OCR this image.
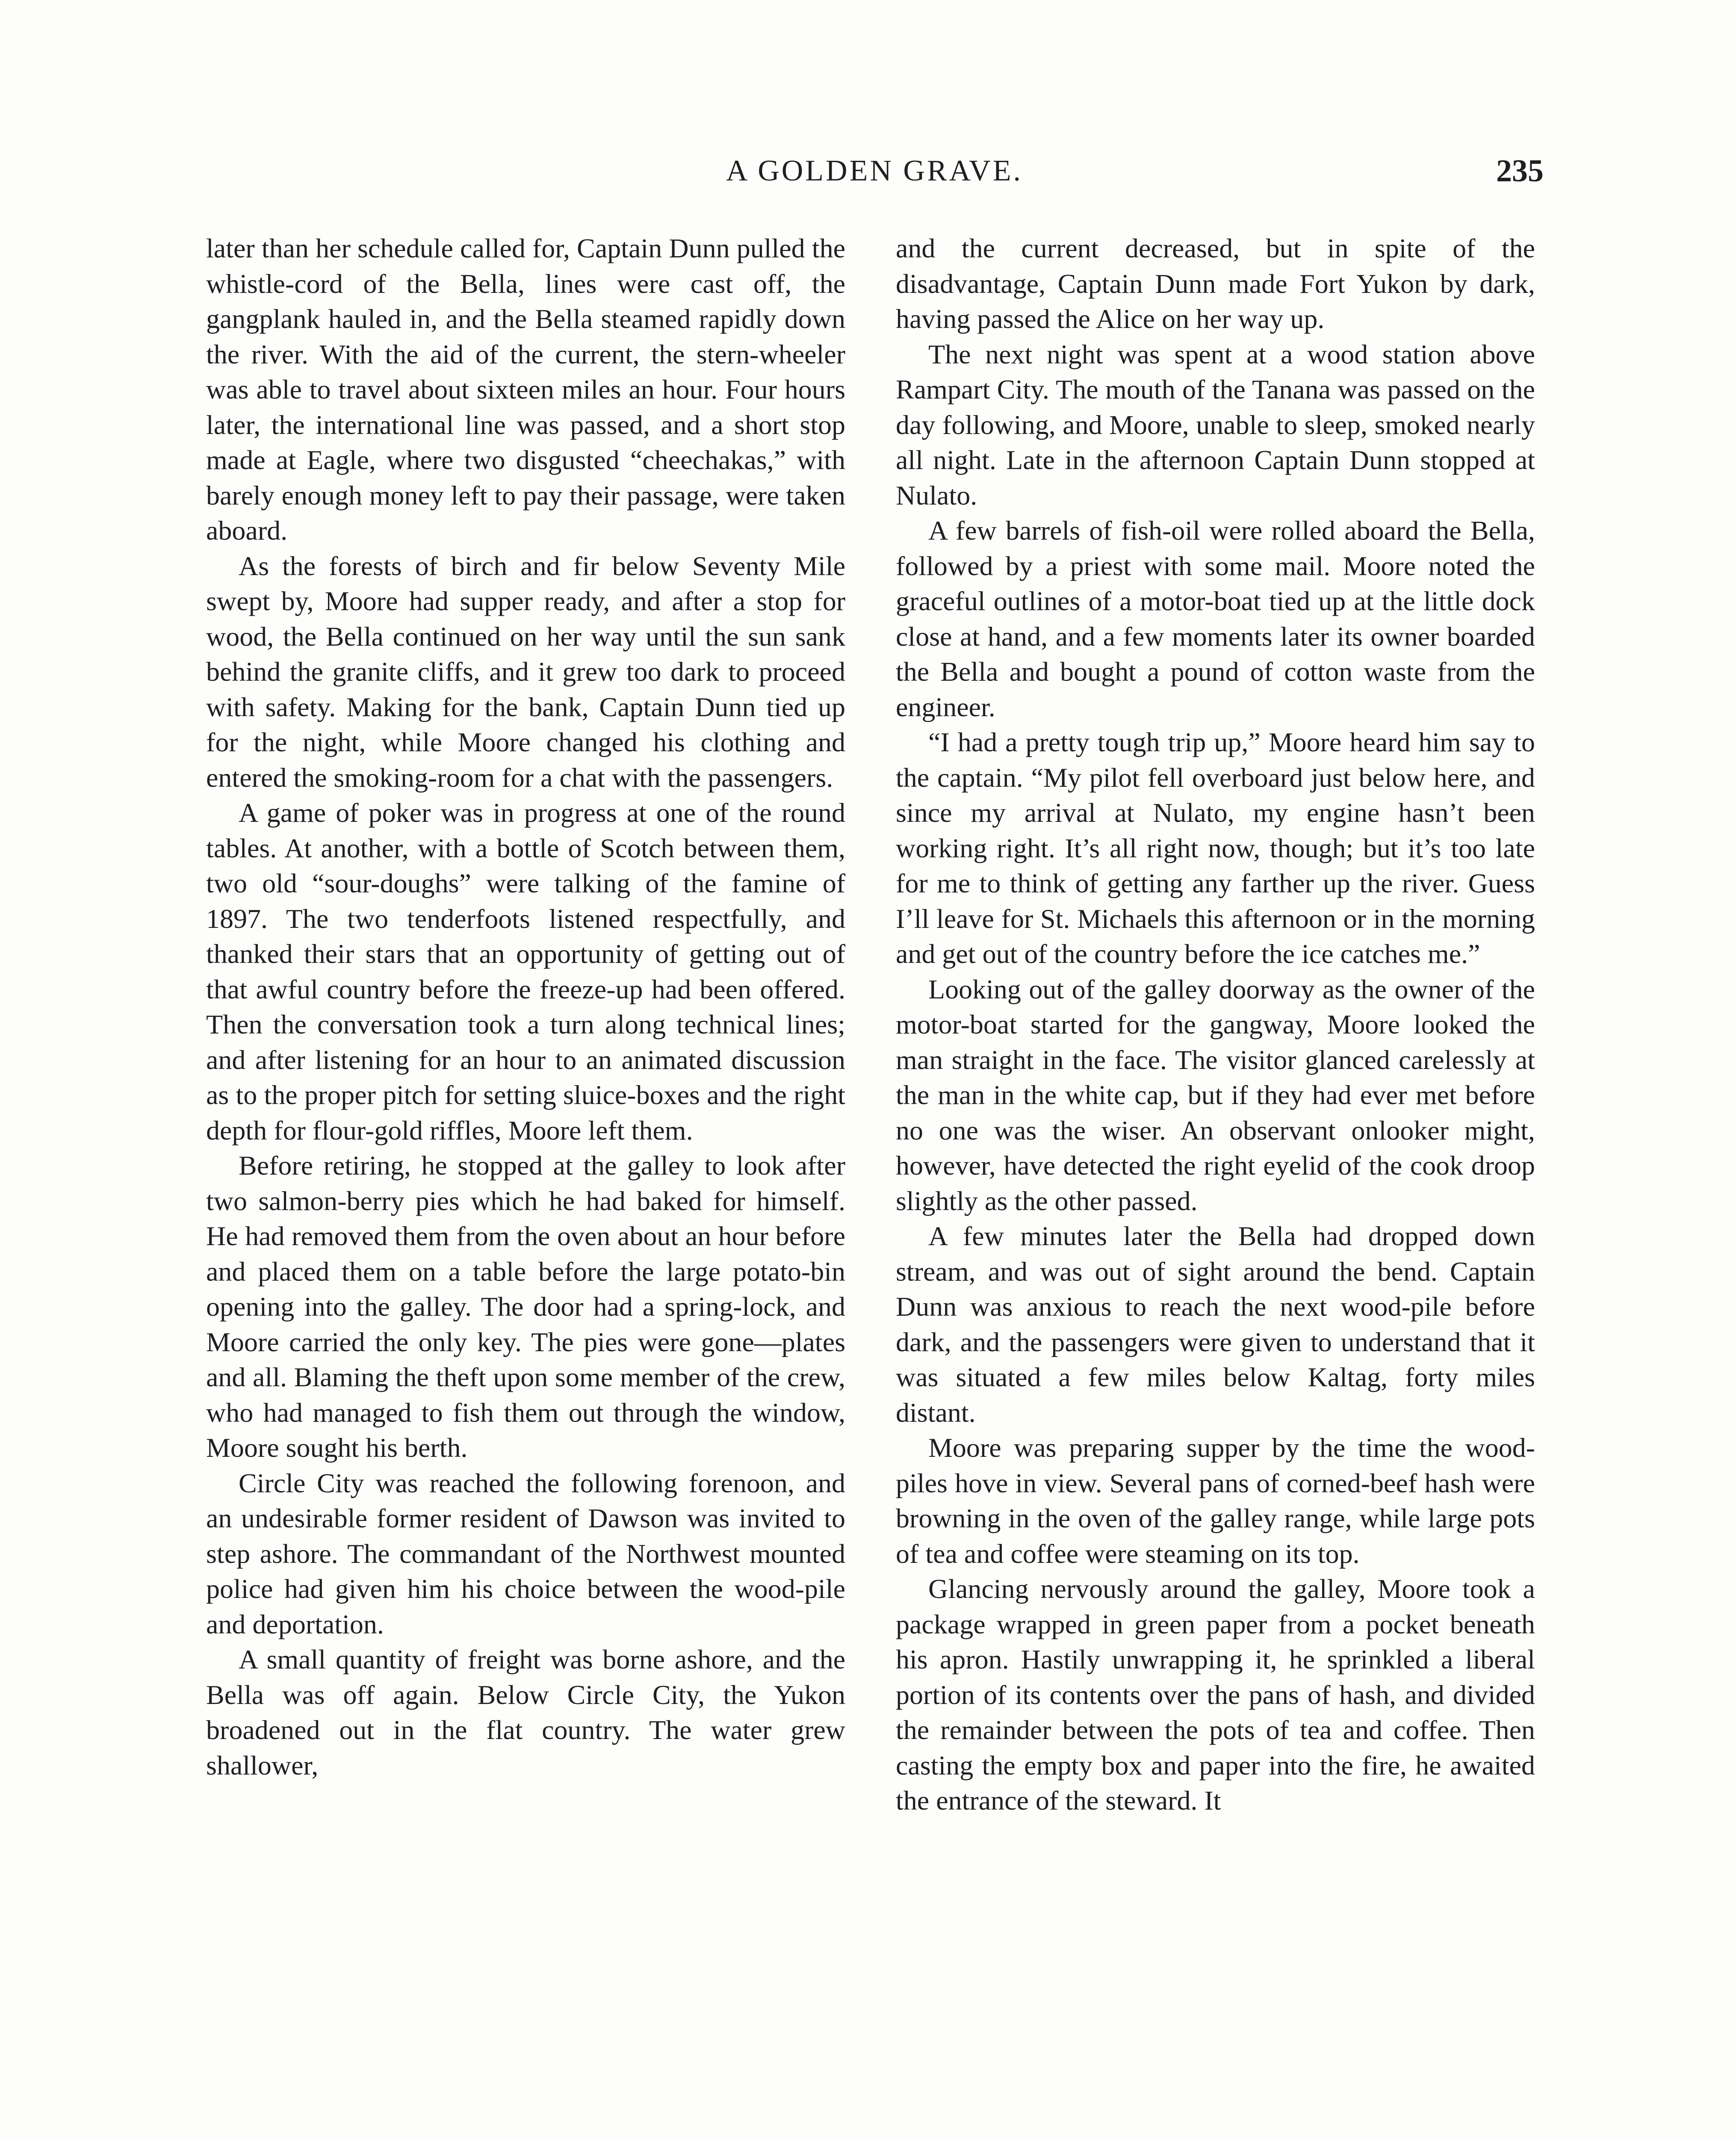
A GOLDEN GRAVE.	235

later than her schedule called for, Captain Dunn pulled the whistle-cord of the Bella, lines were cast off, the gangplank hauled in, and the Bella steamed rapidly down the river. With the aid of the current, the stern-wheeler was able to travel about sixteen miles an hour. Four hours later, the international line was passed, and a short stop made at Eagle, where two disgusted “cheechakas,” with barely enough money left to pay their passage, were taken aboard.

As the forests of birch and fir below Seventy Mile swept by, Moore had supper ready, and after a stop for wood, the Bella continued on her way until the sun sank behind the granite cliffs, and it grew too dark to proceed with safety. Making for the bank, Captain Dunn tied up for the night, while Moore changed his clothing and entered the smoking-room for a chat with the passengers.

A game of poker was in progress at one of the round tables. At another, with a bottle of Scotch between them, two old “sour-doughs” were talking of the famine of 1897. The two tenderfoots listened respectfully, and thanked their stars that an opportunity of getting out of that awful country before the freeze-up had been offered. Then the conversation took a turn along technical lines; and after listening for an hour to an animated discussion as to the proper pitch for setting sluice-boxes and the right depth for flour-gold riffles, Moore left them.

Before retiring, he stopped at the galley to look after two salmon-berry pies which he had baked for himself. He had removed them from the oven about an hour before and placed them on a table before the large potato-bin opening into the galley. The door had a spring-lock, and Moore carried the only key. The pies were gone—plates and all. Blaming the theft upon some member of the crew, who had managed to fish them out through the window, Moore sought his berth.

Circle City was reached the following forenoon, and an undesirable former resident of Dawson was invited to step ashore. The commandant of the Northwest mounted police had given him his choice between the wood-pile and deportation.

A small quantity of freight was borne ashore, and the Bella was off again. Below Circle City, the Yukon broadened out in the flat country. The water grew shallower,

and the current decreased, but in spite of the disadvantage, Captain Dunn made Fort Yukon by dark, having passed the Alice on her way up.

The next night was spent at a wood station above Rampart City. The mouth of the Tanana was passed on the day following, and Moore, unable to sleep, smoked nearly all night. Late in the afternoon Captain Dunn stopped at Nulato.

A few barrels of fish-oil were rolled aboard the Bella, followed by a priest with some mail. Moore noted the graceful outlines of a motor-boat tied up at the little dock close at hand, and a few moments later its owner boarded the Bella and bought a pound of cotton waste from the engineer.

“I had a pretty tough trip up,” Moore heard him say to the captain. “My pilot fell overboard just below here, and since my arrival at Nulato, my engine hasn’t been working right. It’s all right now, though; but it’s too late for me to think of getting any farther up the river. Guess I’ll leave for St. Michaels this afternoon or in the morning and get out of the country before the ice catches me.”

Looking out of the galley doorway as the owner of the motor-boat started for the gangway, Moore looked the man straight in the face. The visitor glanced carelessly at the man in the white cap, but if they had ever met before no one was the wiser. An observant onlooker might, however, have detected the right eyelid of the cook droop slightly as the other passed.

A few minutes later the Bella had dropped down stream, and was out of sight around the bend. Captain Dunn was anxious to reach the next wood-pile before dark, and the passengers were given to understand that it was situated a few miles below Kaltag, forty miles distant.

Moore was preparing supper by the time the wood-piles hove in view. Several pans of corned-beef hash were browning in the oven of the galley range, while large pots of tea and coffee were steaming on its top.

Glancing nervously around the galley, Moore took a package wrapped in green paper from a pocket beneath his apron. Hastily unwrapping it, he sprinkled a liberal portion of its contents over the pans of hash, and divided the remainder between the pots of tea and coffee. Then casting the empty box and paper into the fire, he awaited the entrance of the steward. It
